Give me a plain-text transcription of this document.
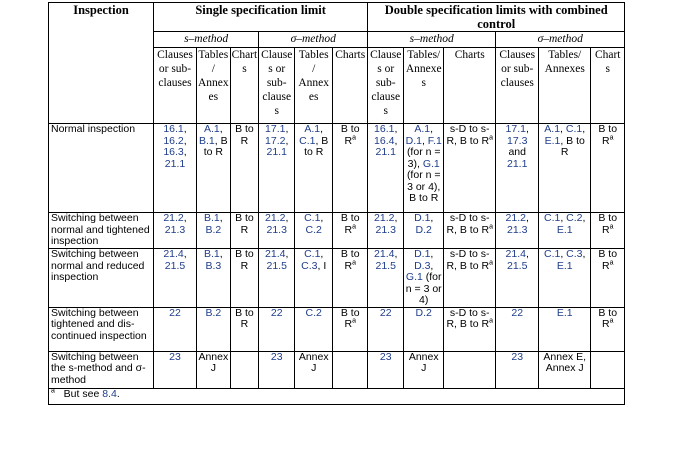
Inspection	Single specification limit						Double specification limits with combined control					
	s–method			σ–method			s–method			σ–method		
	Clauses or sub-clauses	Tables / Annex es	Chart s	Clause s or sub-clause s	Tables / Annex es	Charts	Clause s or sub-clause s	Tables/ Annexe s	Charts	Clauses or sub-clauses	Tables/ Annexes	Chart s
Normal inspection	16.1, 16.2, 16.3, 21.1	A.1, B.1, B to R	B to R	17.1, 17.2, 21.1	A.1, C.1, B to R	B to $R^a$	16.1, 16.4, 21.1	A.1, D.1, F.1 (for n = 3), G.1 (for n = 3 or 4), B to R	s-D to s-R, B to $R^a$	17.1, 17.3 and 21.1	A.1, C.1, E.1, B to R	B to $R^a$
Switching between normal and tightened inspection	21.2, 21.3	B.1, B.2	B to R	21.2, 21.3	C.1, C.2	B to $R^a$	21.2, 21.3	D.1, D.2	s-D to s-R, B to $R^a$	21.2, 21.3	C.1, C.2, E.1	B to $R^a$
Switching between normal and reduced inspection	21.4, 21.5	B.1, B.3	B to R	21.4, 21.5	C.1, C.3, I	B to $R^a$	21.4, 21.5	D.1, D.3, G.1 (for n = 3 or 4)	s-D to s-R, B to $R^a$	21.4, 21.5	C.1, C.3, E.1	B to $R^a$
Switching between tightened and dis-continued inspection	22	B.2	B to R	22	C.2	B to $R^a$	22	D.2	s-D to s-R, B to $R^a$	22	E.1	B to $R^a$
Switching between the s-method and σ-method	23	Annex J		23	Annex J		23	Annex J		23	Annex E, Annex J	
$^a$ But see 8.4.												
